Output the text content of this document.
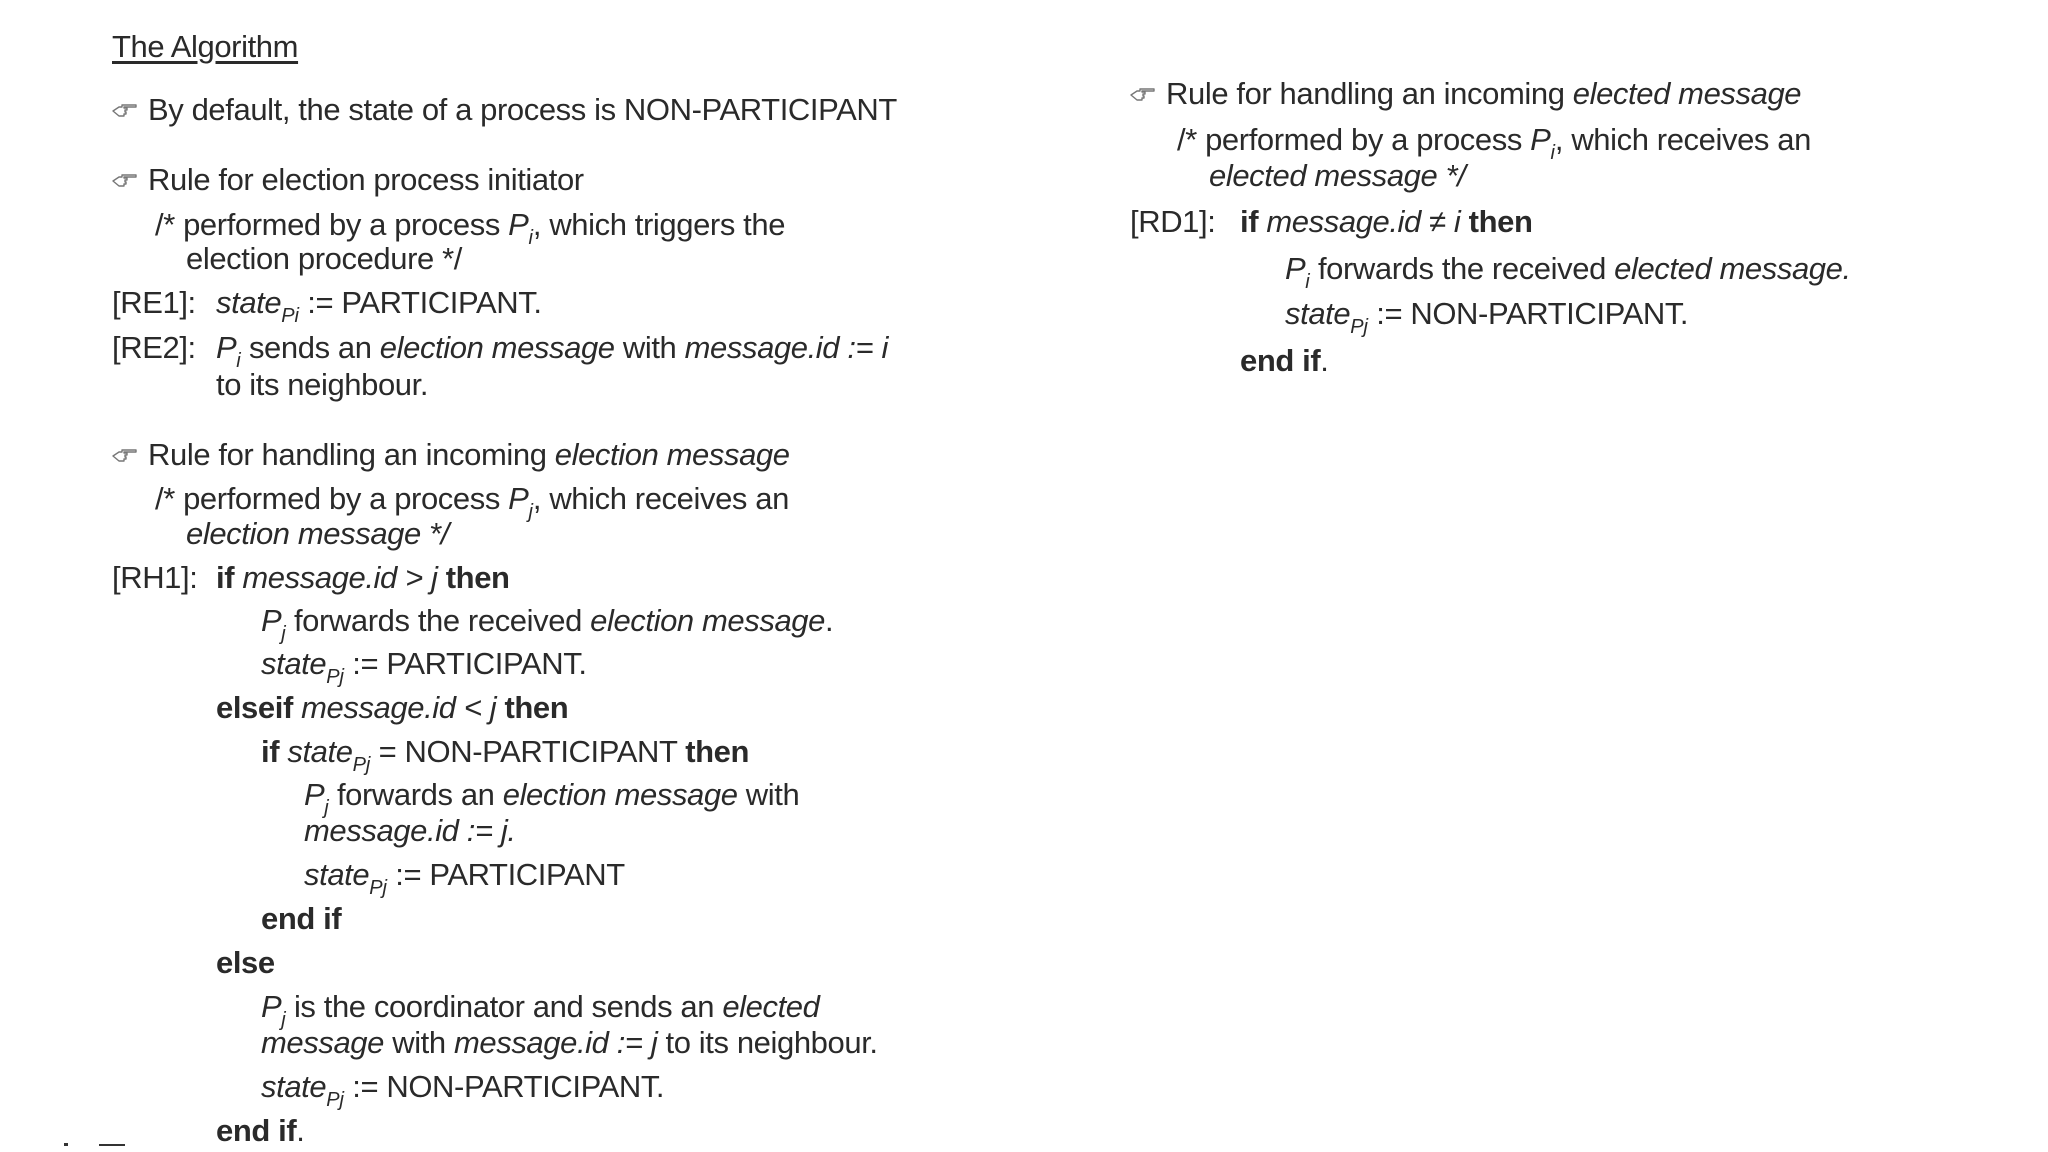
The Algorithm
By default, the state of a process is NON-PARTICIPANT
Rule for election process initiator
/* performed by a process $P_i$, which triggers the
election procedure */
[RE1]: state$_{Pi}$ := PARTICIPANT.
[RE2]: $P_i$ sends an election message with message.id := i
to its neighbour.
Rule for handling an incoming election message
/* performed by a process $P_j$, which receives an
election message */
[RH1]: if message.id > j then
$P_j$ forwards the received election message.
state$_{Pj}$ := PARTICIPANT.
elseif message.id < j then
if state$_{Pj}$ = NON-PARTICIPANT then
$P_j$ forwards an election message with
message.id := j.
state$_{Pj}$ := PARTICIPANT
end if
else
$P_j$ is the coordinator and sends an elected
message with message.id := j to its neighbour.
state$_{Pj}$ := NON-PARTICIPANT.
end if.
Rule for handling an incoming elected message
/* performed by a process $P_i$, which receives an
elected message */
[RD1]: if message.id ≠ i then
$P_i$ forwards the received elected message.
state$_{Pj}$ := NON-PARTICIPANT.
end if.
